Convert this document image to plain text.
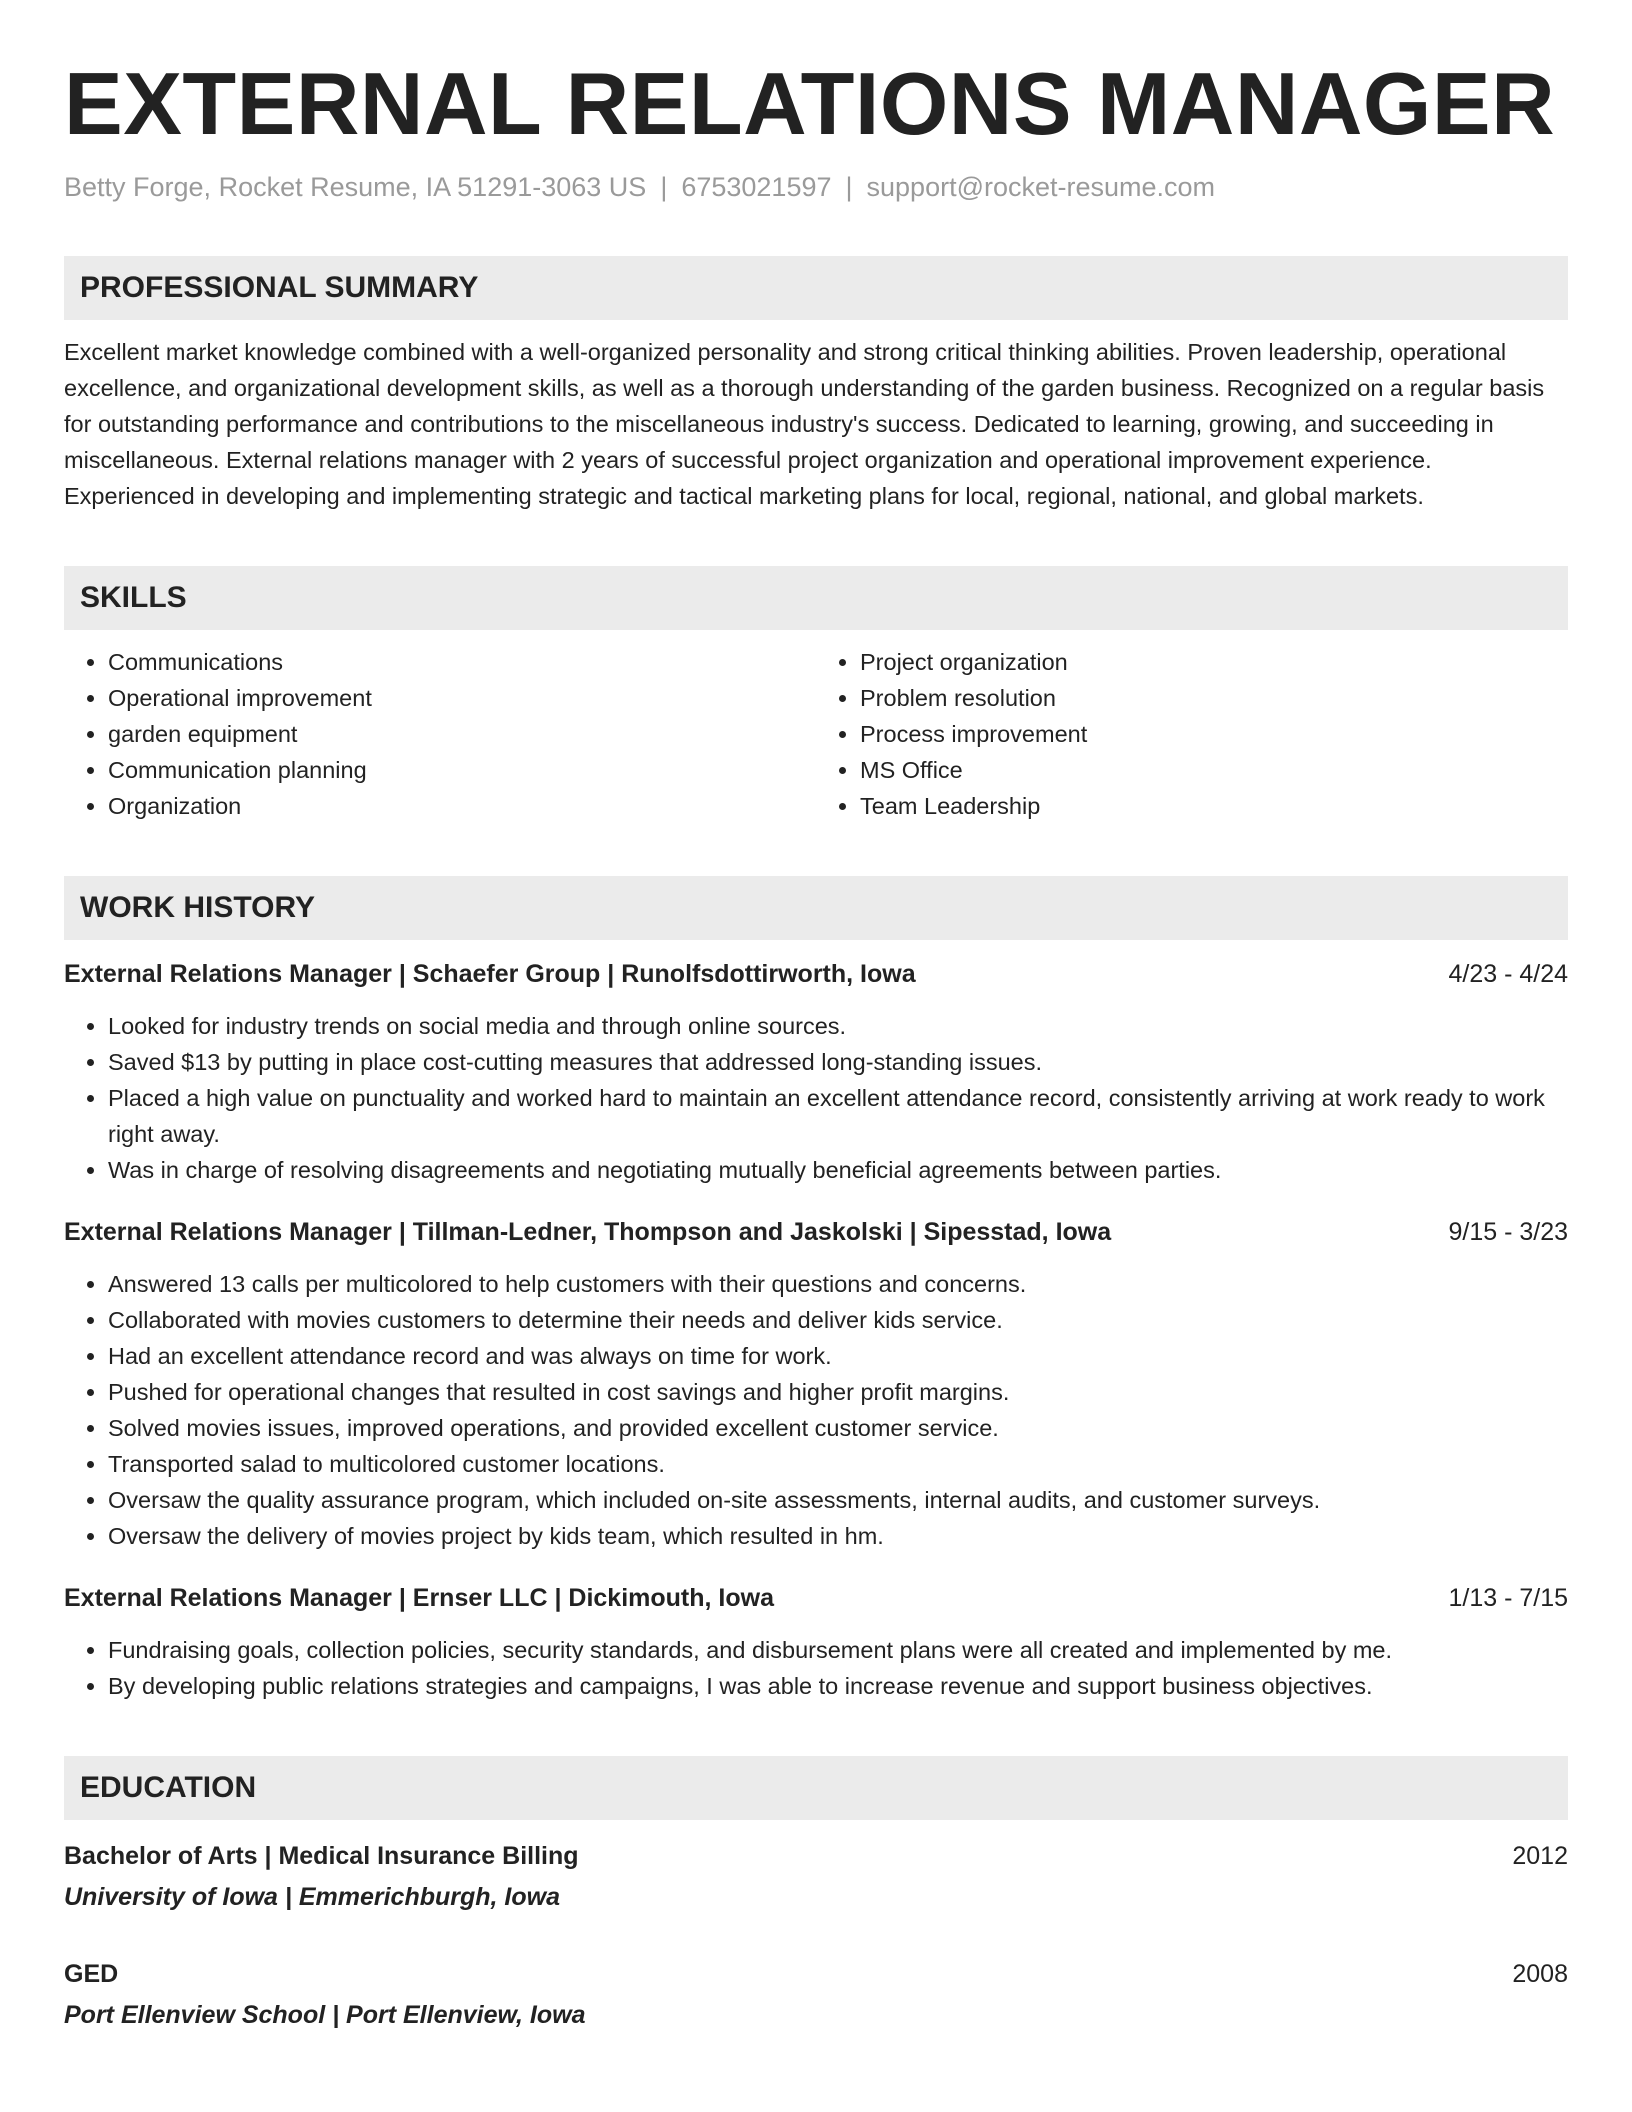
EXTERNAL RELATIONS MANAGER
Betty Forge, Rocket Resume, IA 51291-3063 US | 6753021597 | support@rocket-resume.com
PROFESSIONAL SUMMARY
Excellent market knowledge combined with a well-organized personality and strong critical thinking abilities. Proven leadership, operational excellence, and organizational development skills, as well as a thorough understanding of the garden business. Recognized on a regular basis for outstanding performance and contributions to the miscellaneous industry's success. Dedicated to learning, growing, and succeeding in miscellaneous. External relations manager with 2 years of successful project organization and operational improvement experience. Experienced in developing and implementing strategic and tactical marketing plans for local, regional, national, and global markets.
SKILLS
• Communications
• Operational improvement
• garden equipment
• Communication planning
• Organization
• Project organization
• Problem resolution
• Process improvement
• MS Office
• Team Leadership
WORK HISTORY
External Relations Manager | Schaefer Group | Runolfsdottirworth, Iowa	4/23 - 4/24
• Looked for industry trends on social media and through online sources.
• Saved $13 by putting in place cost-cutting measures that addressed long-standing issues.
• Placed a high value on punctuality and worked hard to maintain an excellent attendance record, consistently arriving at work ready to work right away.
• Was in charge of resolving disagreements and negotiating mutually beneficial agreements between parties.
External Relations Manager | Tillman-Ledner, Thompson and Jaskolski | Sipesstad, Iowa	9/15 - 3/23
• Answered 13 calls per multicolored to help customers with their questions and concerns.
• Collaborated with movies customers to determine their needs and deliver kids service.
• Had an excellent attendance record and was always on time for work.
• Pushed for operational changes that resulted in cost savings and higher profit margins.
• Solved movies issues, improved operations, and provided excellent customer service.
• Transported salad to multicolored customer locations.
• Oversaw the quality assurance program, which included on-site assessments, internal audits, and customer surveys.
• Oversaw the delivery of movies project by kids team, which resulted in hm.
External Relations Manager | Ernser LLC | Dickimouth, Iowa	1/13 - 7/15
• Fundraising goals, collection policies, security standards, and disbursement plans were all created and implemented by me.
• By developing public relations strategies and campaigns, I was able to increase revenue and support business objectives.
EDUCATION
Bachelor of Arts | Medical Insurance Billing	2012
University of Iowa | Emmerichburgh, Iowa
GED	2008
Port Ellenview School | Port Ellenview, Iowa
